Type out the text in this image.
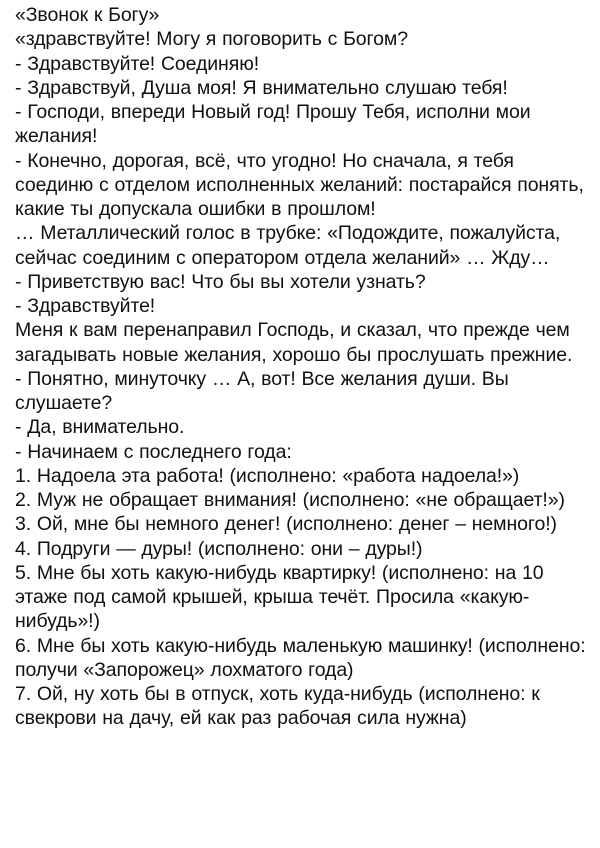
«Звонок к Богу»

«здравствуйте! Могу я поговорить с Богом?

- Здравствуйте! Соединяю!

- Здравствуй, Душа моя! Я внимательно слушаю тебя!

- Господи, впереди Новый год! Прошу Тебя, исполни мои желания!

- Конечно, дорогая, всё, что угодно! Но сначала, я тебя соединю с отделом исполненных желаний: постарайся понять, какие ты допускала ошибки в прошлом!

… Металлический голос в трубке: «Подождите, пожалуйста, сейчас соединим с оператором отдела желаний» … Жду…

- Приветствую вас! Что бы вы хотели узнать?

- Здравствуйте!

Меня к вам перенаправил Господь, и сказал, что прежде чем загадывать новые желания, хорошо бы прослушать прежние.

- Понятно, минуточку … А, вот! Все желания души. Вы слушаете?

- Да, внимательно.

- Начинаем с последнего года:

1. Надоела эта работа! (исполнено: «работа надоела!»)

2. Муж не обращает внимания! (исполнено: «не обращает!»)

3. Ой, мне бы немного денег! (исполнено: денег – немного!)

4. Подруги — дуры! (исполнено: они – дуры!)

5. Мне бы хоть какую-нибудь квартирку! (исполнено: на 10 этаже под самой крышей, крыша течёт. Просила «какую-нибудь»!)

6. Мне бы хоть какую-нибудь маленькую машинку! (исполнено: получи «Запорожец» лохматого года)

7. Ой, ну хоть бы в отпуск, хоть куда-нибудь (исполнено: к свекрови на дачу, ей как раз рабочая сила нужна)
